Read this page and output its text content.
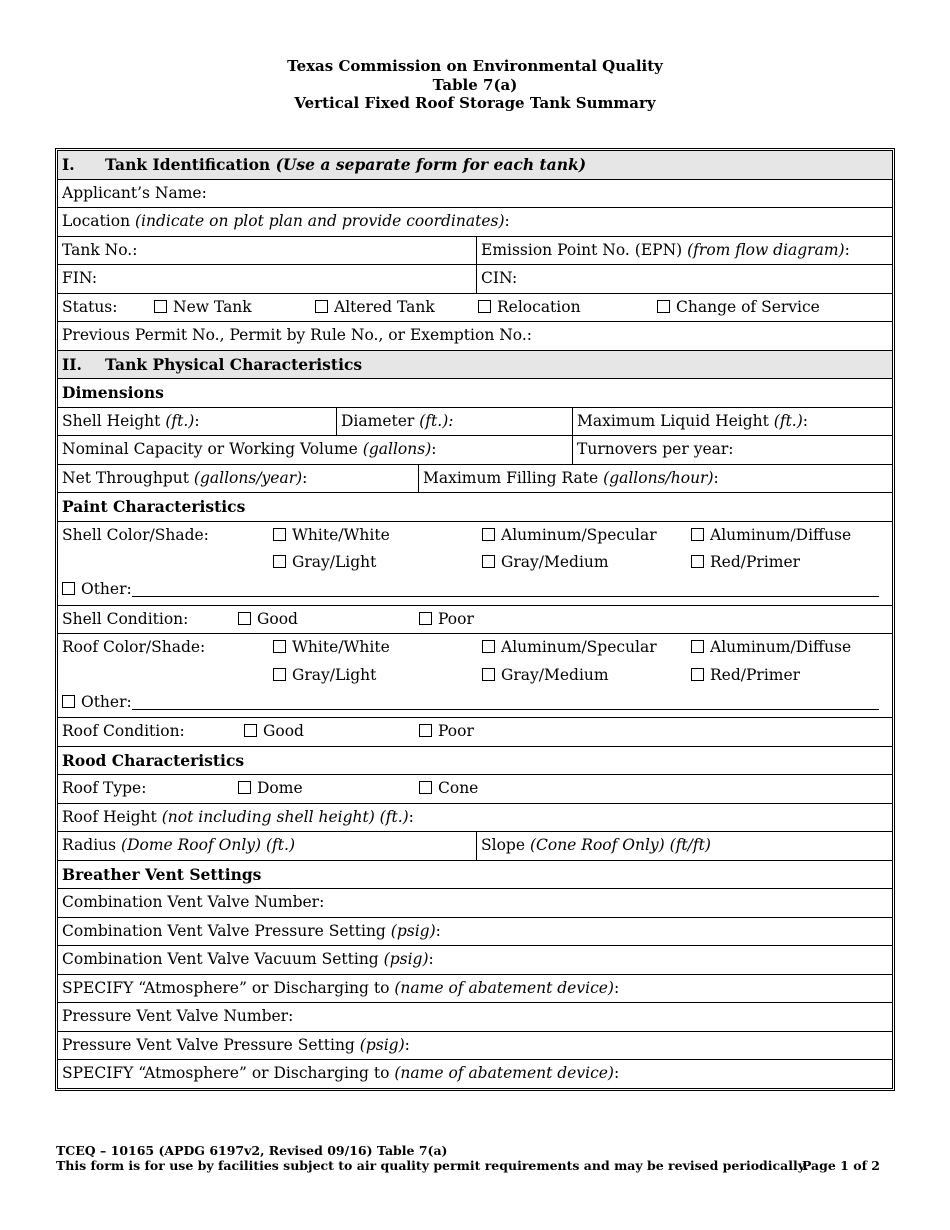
Texas Commission on Environmental Quality
Table 7(a)
Vertical Fixed Roof Storage Tank Summary
I. Tank Identification (Use a separate form for each tank)
Applicant’s Name:
Location (indicate on plot plan and provide coordinates):
Tank No.:	Emission Point No. (EPN) (from flow diagram):
FIN:	CIN:
Status:	New Tank	Altered Tank	Relocation	Change of Service
Previous Permit No., Permit by Rule No., or Exemption No.:
II. Tank Physical Characteristics
Dimensions
Shell Height (ft.):	Diameter (ft.):	Maximum Liquid Height (ft.):
Nominal Capacity or Working Volume (gallons):	Turnovers per year:
Net Throughput (gallons/year):	Maximum Filling Rate (gallons/hour):
Paint Characteristics
Shell Color/Shade:	White/White	Aluminum/Specular	Aluminum/Diffuse
Gray/Light	Gray/Medium	Red/Primer
Other:
Shell Condition:	Good	Poor
Roof Color/Shade:	White/White	Aluminum/Specular	Aluminum/Diffuse
Gray/Light	Gray/Medium	Red/Primer
Other:
Roof Condition:	Good	Poor
Rood Characteristics
Roof Type:	Dome	Cone
Roof Height (not including shell height) (ft.):
Radius (Dome Roof Only) (ft.)	Slope (Cone Roof Only) (ft/ft)
Breather Vent Settings
Combination Vent Valve Number:
Combination Vent Valve Pressure Setting (psig):
Combination Vent Valve Vacuum Setting (psig):
SPECIFY “Atmosphere” or Discharging to (name of abatement device):
Pressure Vent Valve Number:
Pressure Vent Valve Pressure Setting (psig):
SPECIFY “Atmosphere” or Discharging to (name of abatement device):
TCEQ – 10165 (APDG 6197v2, Revised 09/16) Table 7(a)
This form is for use by facilities subject to air quality permit requirements and may be revised periodically.
Page 1 of 2
